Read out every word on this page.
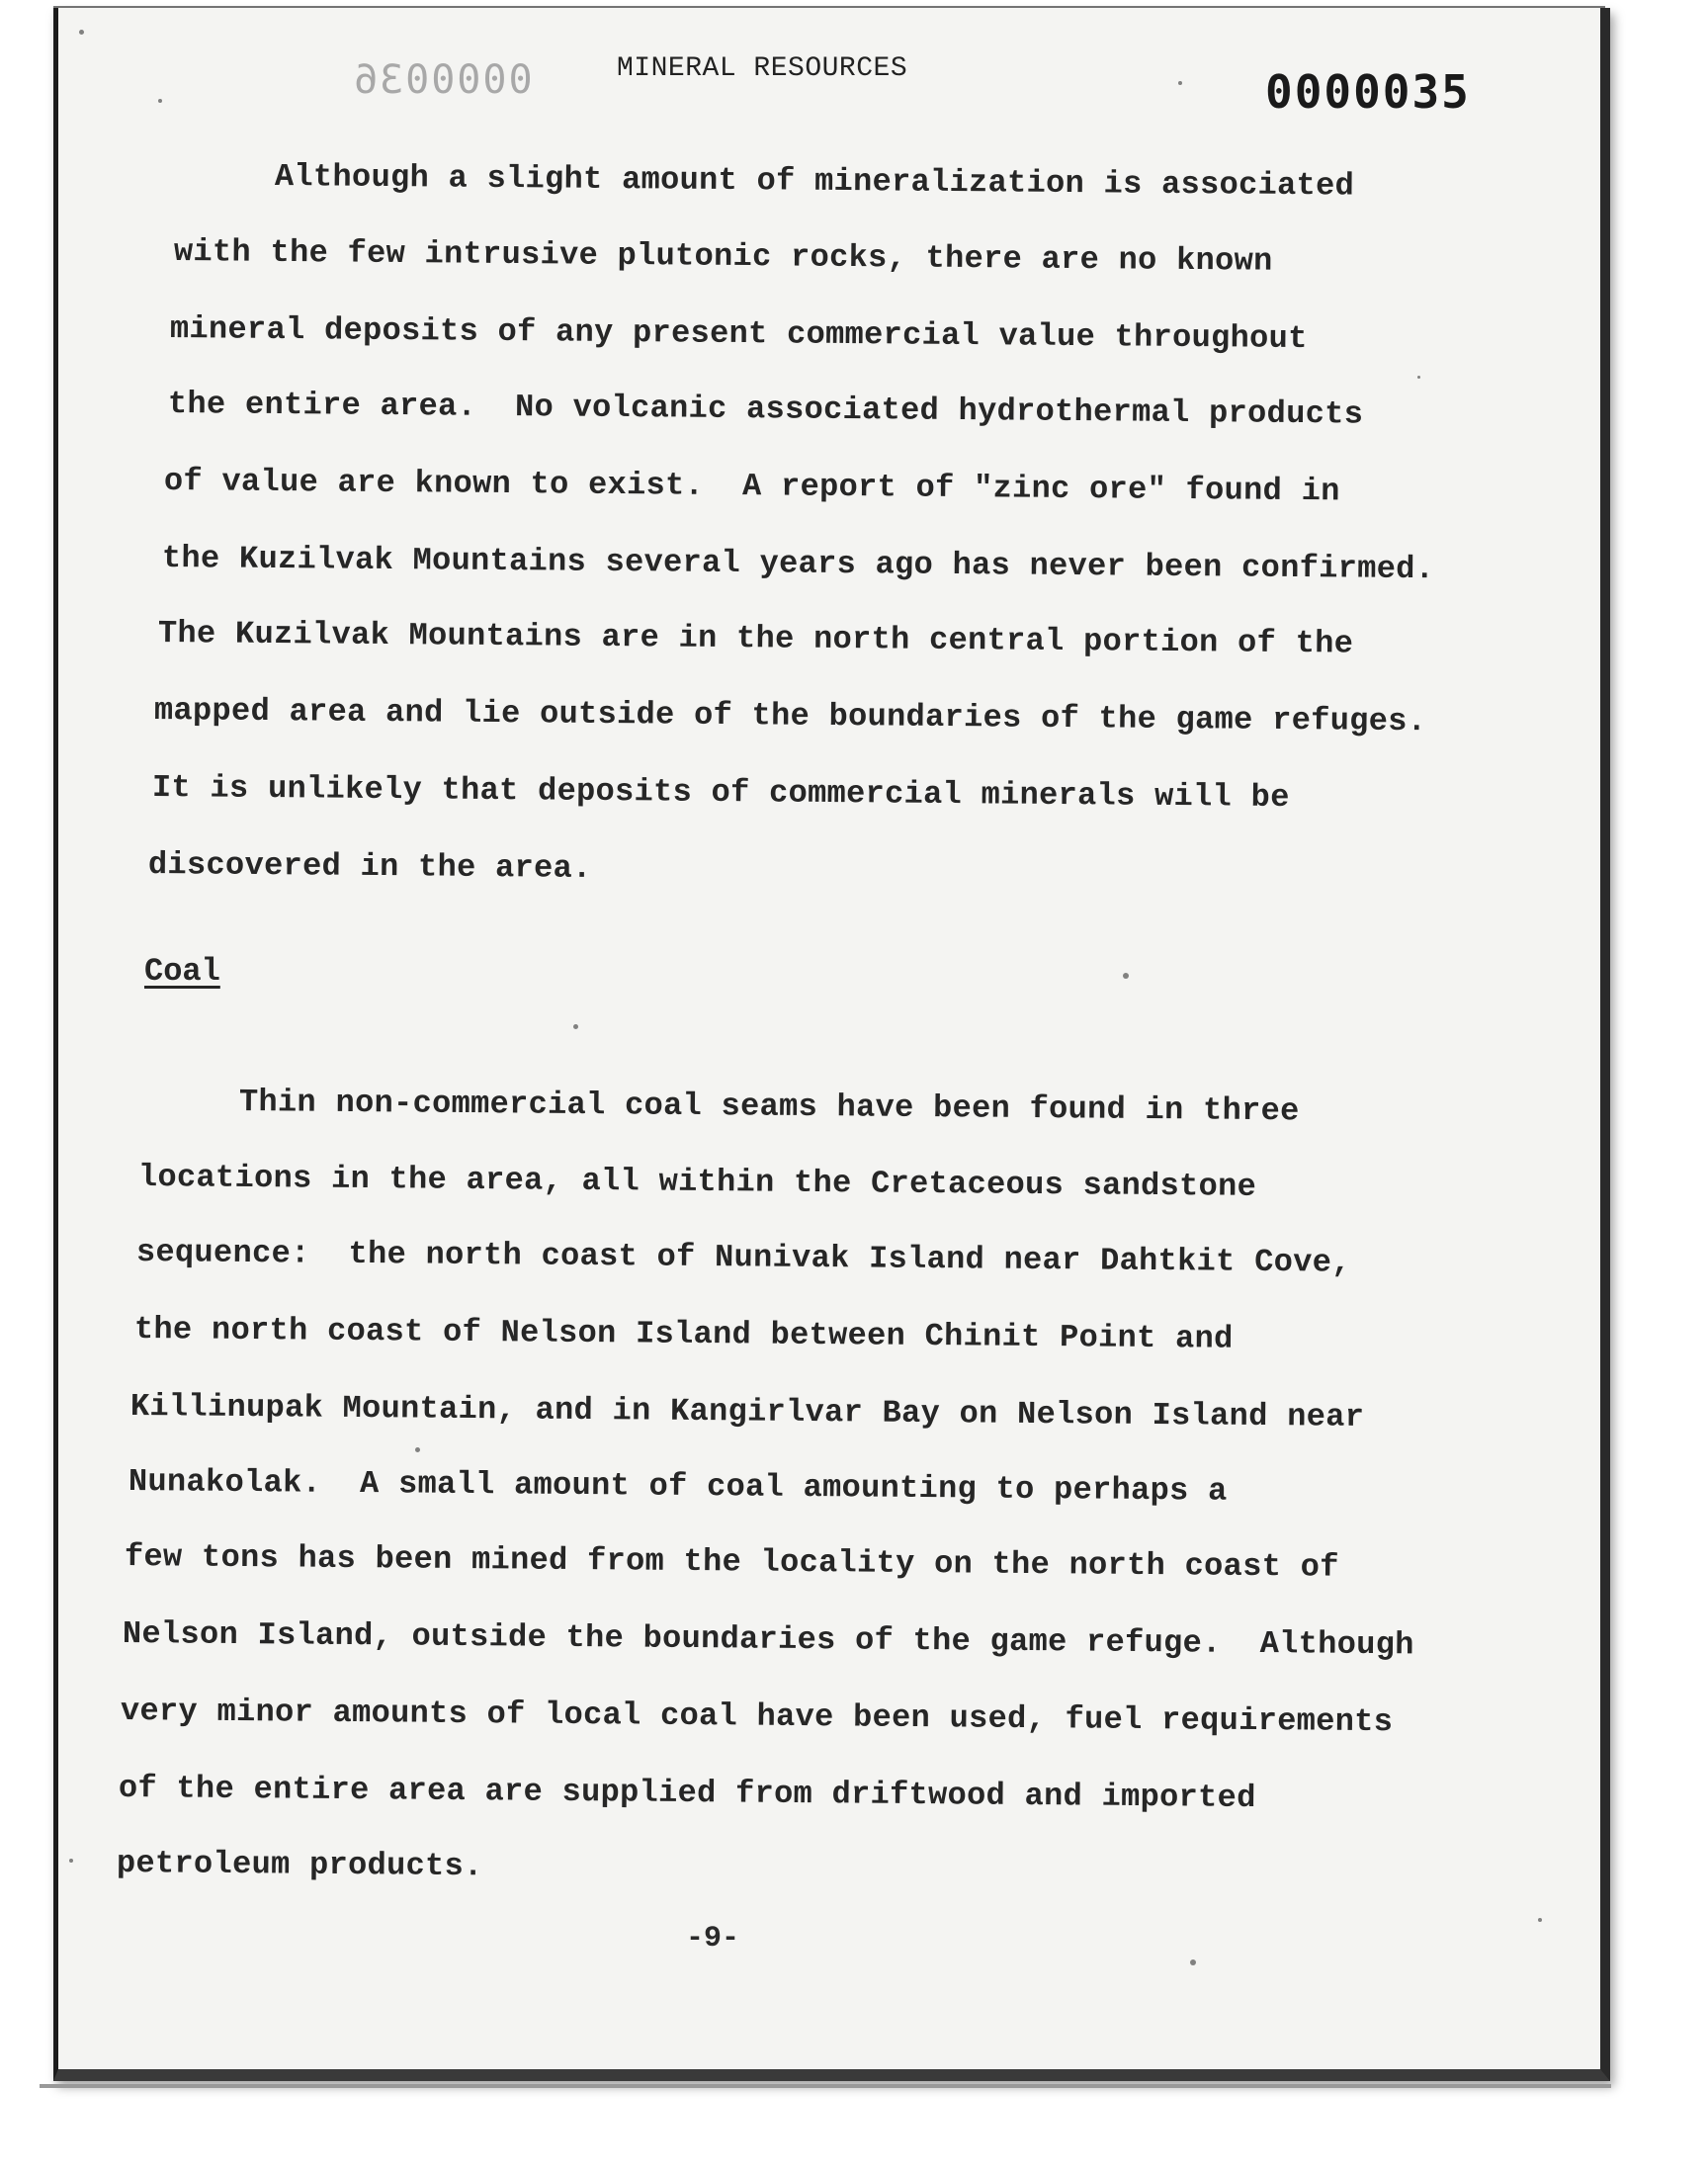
0000036	MINERAL RESOURCES	0000035
Although a slight amount of mineralization is associated
with the few intrusive plutonic rocks, there are no known
mineral deposits of any present commercial value throughout
the entire area.  No volcanic associated hydrothermal products
of value are known to exist.  A report of "zinc ore" found in
the Kuzilvak Mountains several years ago has never been confirmed.
The Kuzilvak Mountains are in the north central portion of the
mapped area and lie outside of the boundaries of the game refuges.
It is unlikely that deposits of commercial minerals will be
discovered in the area.
Coal
Thin non-commercial coal seams have been found in three
locations in the area, all within the Cretaceous sandstone
sequence:  the north coast of Nunivak Island near Dahtkit Cove,
the north coast of Nelson Island between Chinit Point and
Killinupak Mountain, and in Kangirlvar Bay on Nelson Island near
Nunakolak.  A small amount of coal amounting to perhaps a
few tons has been mined from the locality on the north coast of
Nelson Island, outside the boundaries of the game refuge.  Although
very minor amounts of local coal have been used, fuel requirements
of the entire area are supplied from driftwood and imported
petroleum products.
-9-
